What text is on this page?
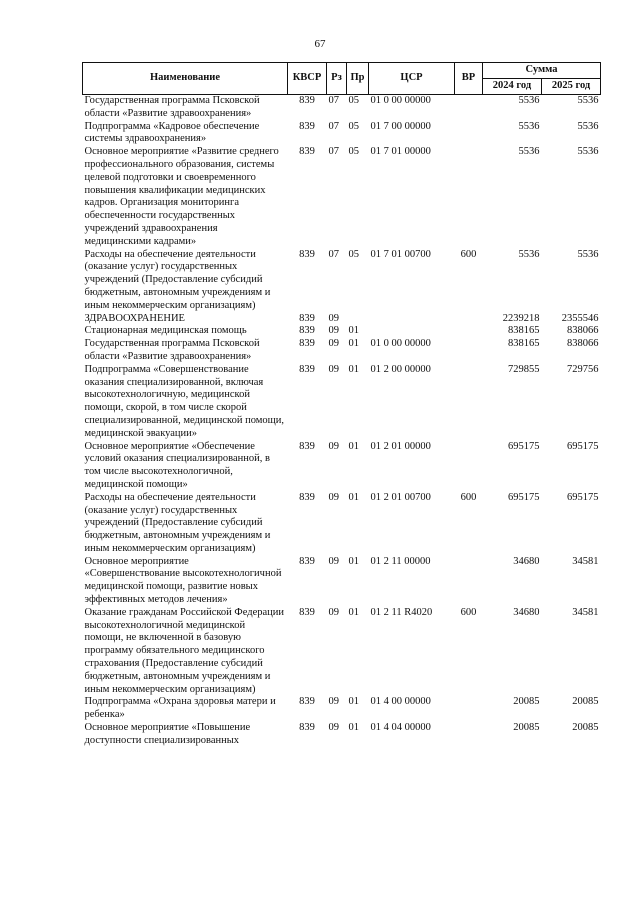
67
Наименование	КВСР	Рз	Пр	ЦСР	ВР	Сумма	
						2024 год	2025 год
Государственная программа Псковской области «Развитие здравоохранения»	839	07	05	01 0 00 00000		5536	5536
Подпрограмма «Кадровое обеспечение системы здравоохранения»	839	07	05	01 7 00 00000		5536	5536
Основное мероприятие «Развитие среднего профессионального образования, системы целевой подготовки и своевременного повышения квалификации медицинских кадров. Организация мониторинга обеспеченности государственных учреждений здравоохранения медицинскими кадрами»	839	07	05	01 7 01 00000		5536	5536
Расходы на обеспечение деятельности (оказание услуг) государственных учреждений (Предоставление субсидий бюджетным, автономным учреждениям и иным некоммерческим организациям)	839	07	05	01 7 01 00700	600	5536	5536
ЗДРАВООХРАНЕНИЕ	839	09				2239218	2355546
Стационарная медицинская помощь	839	09	01			838165	838066
Государственная программа Псковской области «Развитие здравоохранения»	839	09	01	01 0 00 00000		838165	838066
Подпрограмма «Совершенствование оказания специализированной, включая высокотехнологичную, медицинской помощи, скорой, в том числе скорой специализированной, медицинской помощи, медицинской эвакуации»	839	09	01	01 2 00 00000		729855	729756
Основное мероприятие «Обеспечение условий оказания специализированной, в том числе высокотехнологичной, медицинской помощи»	839	09	01	01 2 01 00000		695175	695175
Расходы на обеспечение деятельности (оказание услуг) государственных учреждений (Предоставление субсидий бюджетным, автономным учреждениям и иным некоммерческим организациям)	839	09	01	01 2 01 00700	600	695175	695175
Основное мероприятие «Совершенствование высокотехнологичной медицинской помощи, развитие новых эффективных методов лечения»	839	09	01	01 2 11 00000		34680	34581
Оказание гражданам Российской Федерации высокотехнологичной медицинской помощи, не включенной в базовую программу обязательного медицинского страхования (Предоставление субсидий бюджетным, автономным учреждениям и иным некоммерческим организациям)	839	09	01	01 2 11 R4020	600	34680	34581
Подпрограмма «Охрана здоровья матери и ребенка»	839	09	01	01 4 00 00000		20085	20085
Основное мероприятие «Повышение доступности специализированных	839	09	01	01 4 04 00000		20085	20085
